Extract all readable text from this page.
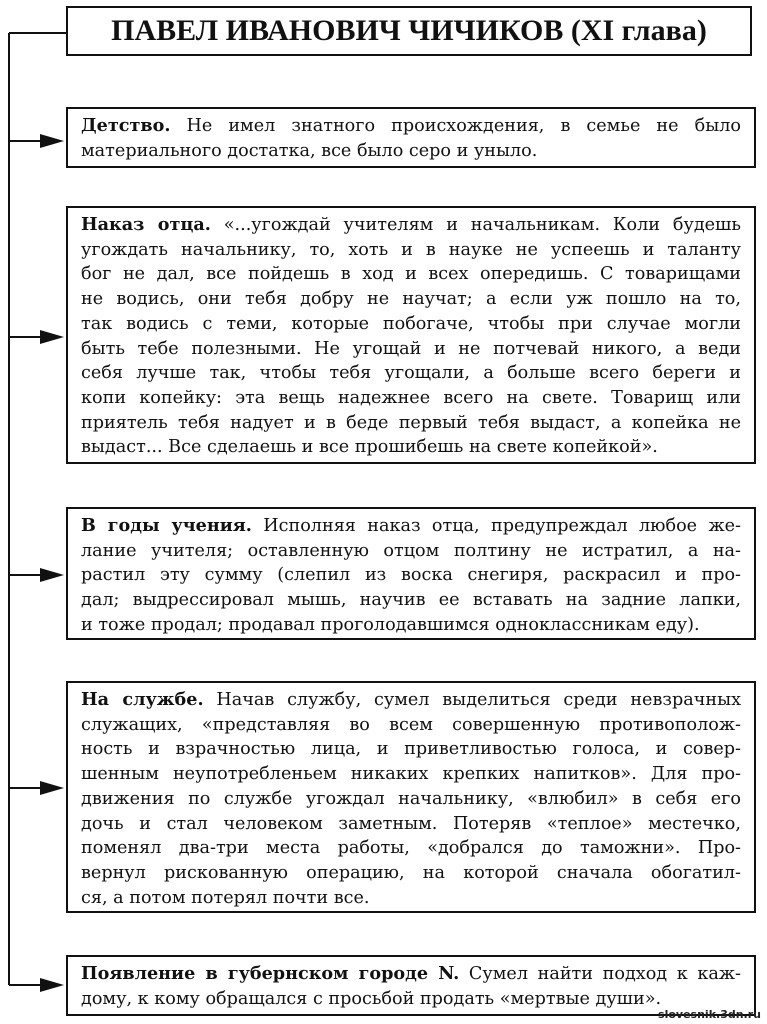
ПАВЕЛ ИВАНОВИЧ ЧИЧИКОВ (XI глава)
Детство. Не имел знатного происхождения, в семье не было
материального достатка, все было серо и уныло.
Наказ отца. «...угождай учителям и начальникам. Коли будешь
угождать начальнику, то, хоть и в науке не успеешь и таланту
бог не дал, все пойдешь в ход и всех опередишь. С товарищами
не водись, они тебя добру не научат; а если уж пошло на то,
так водись с теми, которые побогаче, чтобы при случае могли
быть тебе полезными. Не угощай и не потчевай никого, а веди
себя лучше так, чтобы тебя угощали, а больше всего береги и
копи копейку: эта вещь надежнее всего на свете. Товарищ или
приятель тебя надует и в беде первый тебя выдаст, а копейка не
выдаст... Все сделаешь и все прошибешь на свете копейкой».
В годы учения. Исполняя наказ отца, предупреждал любое же-
лание учителя; оставленную отцом полтину не истратил, а на-
растил эту сумму (слепил из воска снегиря, раскрасил и про-
дал; выдрессировал мышь, научив ее вставать на задние лапки,
и тоже продал; продавал проголодавшимся одноклассникам еду).
На службе. Начав службу, сумел выделиться среди невзрачных
служащих, «представляя во всем совершенную противополож-
ность и взрачностью лица, и приветливостью голоса, и совер-
шенным неупотребленьем никаких крепких напитков». Для про-
движения по службе угождал начальнику, «влюбил» в себя его
дочь и стал человеком заметным. Потеряв «теплое» местечко,
поменял два-три места работы, «добрался до таможни». Про-
вернул рискованную операцию, на которой сначала обогатил-
ся, а потом потерял почти все.
Появление в губернском городе N. Сумел найти подход к каж-
дому, к кому обращался с просьбой продать «мертвые души».
slovesnik.3dn.ru
